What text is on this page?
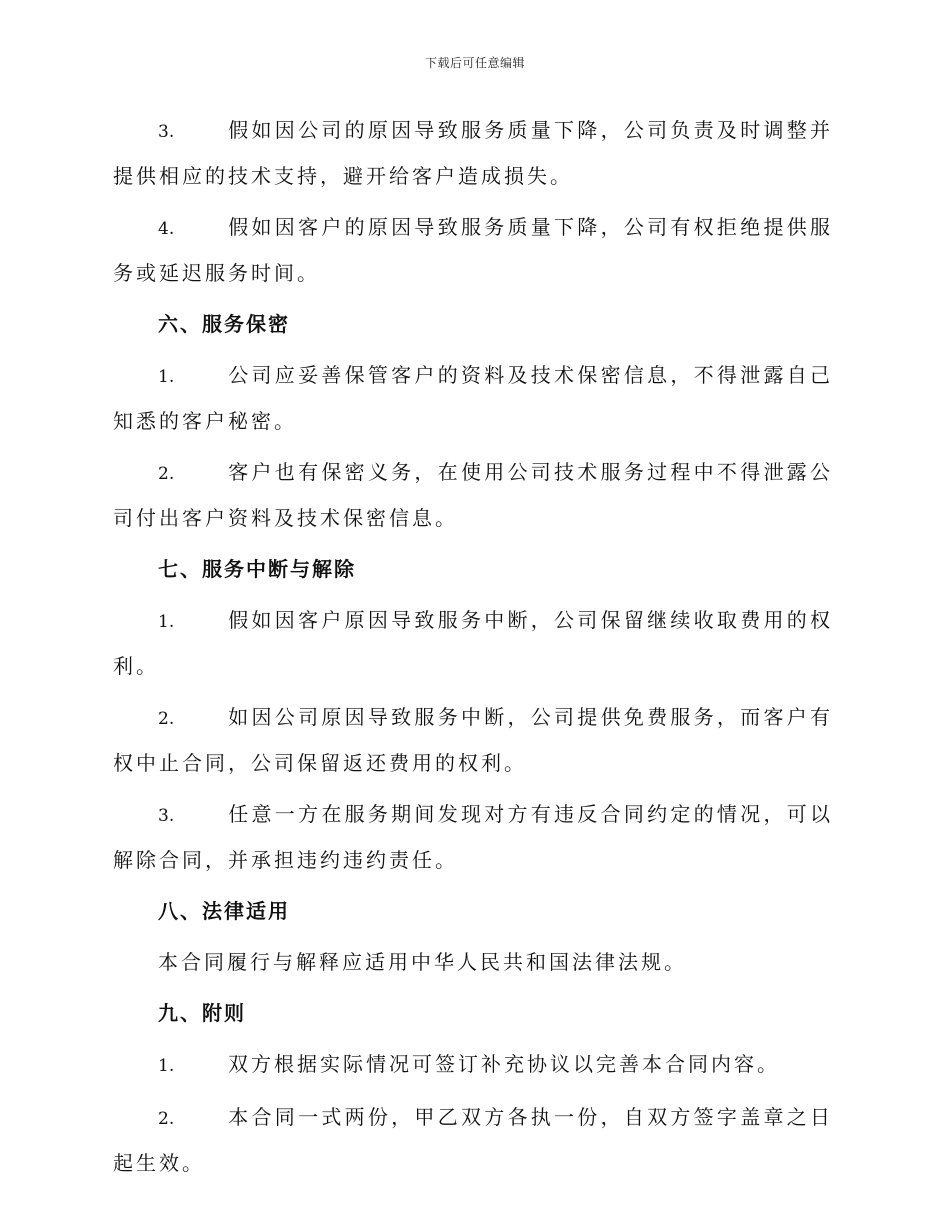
下载后可任意编辑

3.	假如因公司的原因导致服务质量下降，公司负责及时调整并提供相应的技术支持，避开给客户造成损失。

4.	假如因客户的原因导致服务质量下降，公司有权拒绝提供服务或延迟服务时间。

六、服务保密

1.	公司应妥善保管客户的资料及技术保密信息，不得泄露自己知悉的客户秘密。

2.	客户也有保密义务，在使用公司技术服务过程中不得泄露公司付出客户资料及技术保密信息。

七、服务中断与解除

1.	假如因客户原因导致服务中断，公司保留继续收取费用的权利。

2.	如因公司原因导致服务中断，公司提供免费服务，而客户有权中止合同，公司保留返还费用的权利。

3.	任意一方在服务期间发现对方有违反合同约定的情况，可以解除合同，并承担违约违约责任。

八、法律适用

本合同履行与解释应适用中华人民共和国法律法规。

九、附则

1.	双方根据实际情况可签订补充协议以完善本合同内容。

2.	本合同一式两份，甲乙双方各执一份，自双方签字盖章之日起生效。
